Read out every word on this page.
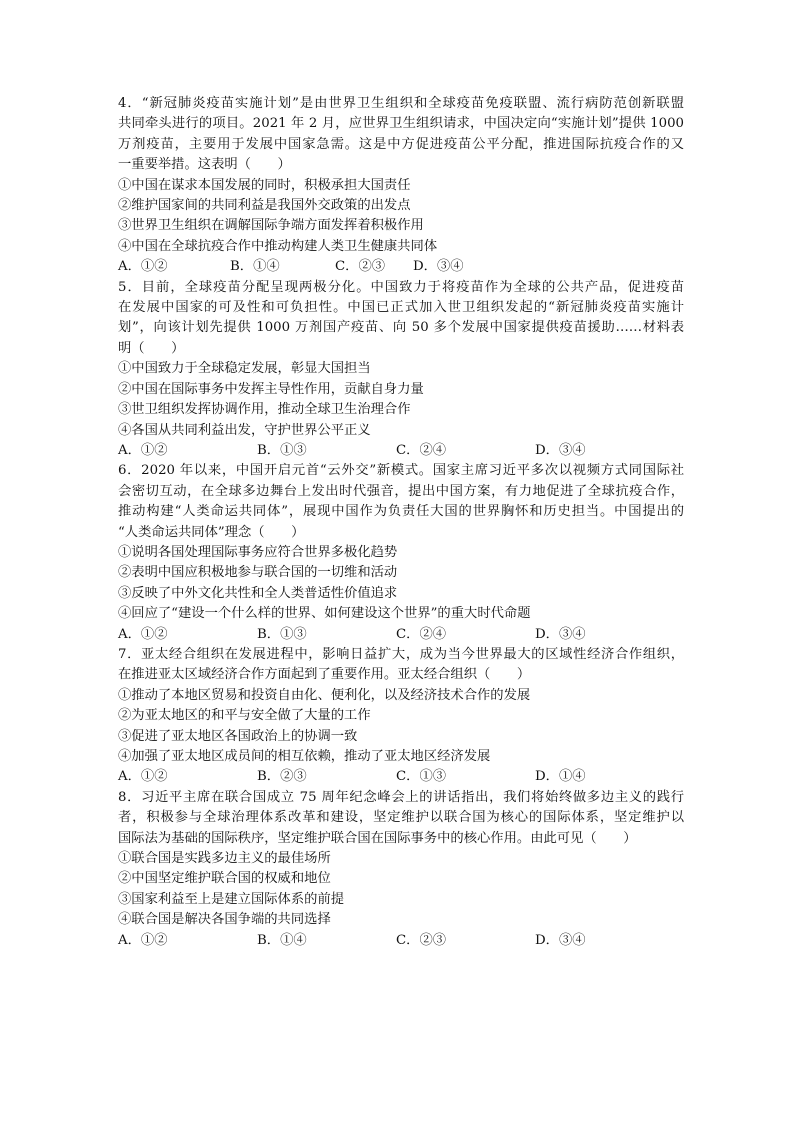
4．“新冠肺炎疫苗实施计划”是由世界卫生组织和全球疫苗免疫联盟、流行病防范创新联盟
共同牵头进行的项目。2021 年 2 月，应世界卫生组织请求，中国决定向“实施计划”提供 1000
万剂疫苗，主要用于发展中国家急需。这是中方促进疫苗公平分配，推进国际抗疫合作的又
一重要举措。这表明（　　）
①中国在谋求本国发展的同时，积极承担大国责任
②维护国家间的共同利益是我国外交政策的出发点
③世界卫生组织在调解国际争端方面发挥着积极作用
④中国在全球抗疫合作中推动构建人类卫生健康共同体
A．①②	B．①④	C．②③	D．③④
5．目前，全球疫苗分配呈现两极分化。中国致力于将疫苗作为全球的公共产品，促进疫苗
在发展中国家的可及性和可负担性。中国已正式加入世卫组织发起的“新冠肺炎疫苗实施计
划”，向该计划先提供 1000 万剂国产疫苗、向 50 多个发展中国家提供疫苗援助……材料表
明（　　）
①中国致力于全球稳定发展，彰显大国担当
②中国在国际事务中发挥主导性作用，贡献自身力量
③世卫组织发挥协调作用，推动全球卫生治理合作
④各国从共同利益出发，守护世界公平正义
A．①②	B．①③	C．②④	D．③④
6．2020 年以来，中国开启元首“云外交”新模式。国家主席习近平多次以视频方式同国际社
会密切互动，在全球多边舞台上发出时代强音，提出中国方案，有力地促进了全球抗疫合作，
推动构建“人类命运共同体”，展现中国作为负责任大国的世界胸怀和历史担当。中国提出的
“人类命运共同体”理念（　　）
①说明各国处理国际事务应符合世界多极化趋势
②表明中国应积极地参与联合国的一切维和活动
③反映了中外文化共性和全人类普适性价值追求
④回应了“建设一个什么样的世界、如何建设这个世界”的重大时代命题
A．①②	B．①③	C．②④	D．③④
7．亚太经合组织在发展进程中，影响日益扩大，成为当今世界最大的区域性经济合作组织，
在推进亚太区域经济合作方面起到了重要作用。亚太经合组织（　　）
①推动了本地区贸易和投资自由化、便利化，以及经济技术合作的发展
②为亚太地区的和平与安全做了大量的工作
③促进了亚太地区各国政治上的协调一致
④加强了亚太地区成员间的相互依赖，推动了亚太地区经济发展
A．①②	B．②③	C．①③	D．①④
8．习近平主席在联合国成立 75 周年纪念峰会上的讲话指出，我们将始终做多边主义的践行
者，积极参与全球治理体系改革和建设，坚定维护以联合国为核心的国际体系，坚定维护以
国际法为基础的国际秩序，坚定维护联合国在国际事务中的核心作用。由此可见（　　）
①联合国是实践多边主义的最佳场所
②中国坚定维护联合国的权威和地位
③国家利益至上是建立国际体系的前提
④联合国是解决各国争端的共同选择
A．①②	B．①④	C．②③	D．③④
